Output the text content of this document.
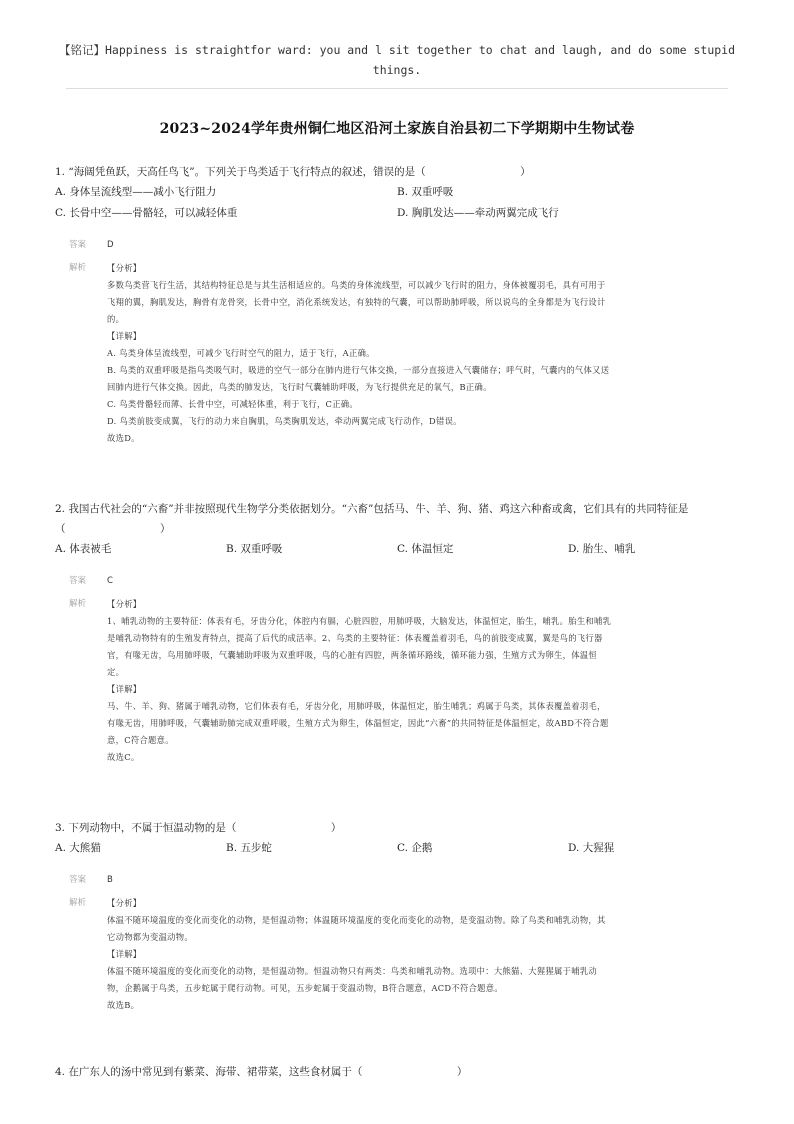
【铭记】Happiness is straightfor ward: you and l sit together to chat and laugh, and do some stupid things.
2023~2024学年贵州铜仁地区沿河土家族自治县初二下学期期中生物试卷
1. “海阔凭鱼跃，天高任鸟飞”。下列关于鸟类适于飞行特点的叙述，错误的是（　　　　　　　　　）
A. 身体呈流线型——减小飞行阻力	B. 双重呼吸
C. 长骨中空——骨骼轻，可以减轻体重	D. 胸肌发达——牵动两翼完成飞行
答案 D
解析	【分析】
多数鸟类营飞行生活，其结构特征总是与其生活相适应的。鸟类的身体流线型，可以减少飞行时的阻力，身体被覆羽毛，具有可用于
飞翔的翼，胸肌发达，胸骨有龙骨突，长骨中空，消化系统发达，有独特的气囊，可以帮助肺呼吸，所以说鸟的全身都是为飞行设计
的。
【详解】
A. 鸟类身体呈流线型，可减少飞行时空气的阻力，适于飞行，A正确。
B. 鸟类的双重呼吸是指鸟类吸气时，吸进的空气一部分在肺内进行气体交换，一部分直接进入气囊储存；呼气时，气囊内的气体又送
回肺内进行气体交换。因此，鸟类的肺发达，飞行时气囊辅助呼吸，为飞行提供充足的氧气，B正确。
C. 鸟类骨骼轻而薄、长骨中空，可减轻体重，利于飞行，C正确。
D. 鸟类前肢变成翼，飞行的动力来自胸肌，鸟类胸肌发达，牵动两翼完成飞行动作，D错误。
故选D。
2. 我国古代社会的“六畜”并非按照现代生物学分类依据划分。“六畜”包括马、牛、羊、狗、猪、鸡这六种畜或禽，它们具有的共同特征是（　　　　　　　　　）
A. 体表被毛	B. 双重呼吸	C. 体温恒定	D. 胎生、哺乳
答案 C
解析	【分析】
1、哺乳动物的主要特征：体表有毛，牙齿分化，体腔内有膈，心脏四腔，用肺呼吸，大脑发达，体温恒定，胎生，哺乳。胎生和哺乳
是哺乳动物特有的生殖发育特点，提高了后代的成活率。2、鸟类的主要特征：体表覆盖着羽毛，鸟的前肢变成翼，翼是鸟的飞行器
官，有喙无齿，鸟用肺呼吸，气囊辅助呼吸为双重呼吸，鸟的心脏有四腔，两条循环路线，循环能力强，生殖方式为卵生，体温恒
定。
【详解】
马、牛、羊、狗、猪属于哺乳动物，它们体表有毛，牙齿分化，用肺呼吸，体温恒定，胎生哺乳；鸡属于鸟类，其体表覆盖着羽毛，
有喙无齿，用肺呼吸，气囊辅助肺完成双重呼吸，生殖方式为卵生，体温恒定，因此“六畜”的共同特征是体温恒定，故ABD不符合题
意，C符合题意。
故选C。
3. 下列动物中，不属于恒温动物的是（　　　　　　　　　）
A. 大熊猫	B. 五步蛇	C. 企鹅	D. 大猩猩
答案 B
解析	【分析】
体温不随环境温度的变化而变化的动物，是恒温动物；体温随环境温度的变化而变化的动物，是变温动物。除了鸟类和哺乳动物，其
它动物都为变温动物。
【详解】
体温不随环境温度的变化而变化的动物，是恒温动物。恒温动物只有两类：鸟类和哺乳动物。选项中：大熊猫、大猩猩属于哺乳动
物，企鹅属于鸟类，五步蛇属于爬行动物。可见，五步蛇属于变温动物，B符合题意，ACD不符合题意。
故选B。
4. 在广东人的汤中常见到有紫菜、海带、裙带菜，这些食材属于（　　　　　　　　　）
